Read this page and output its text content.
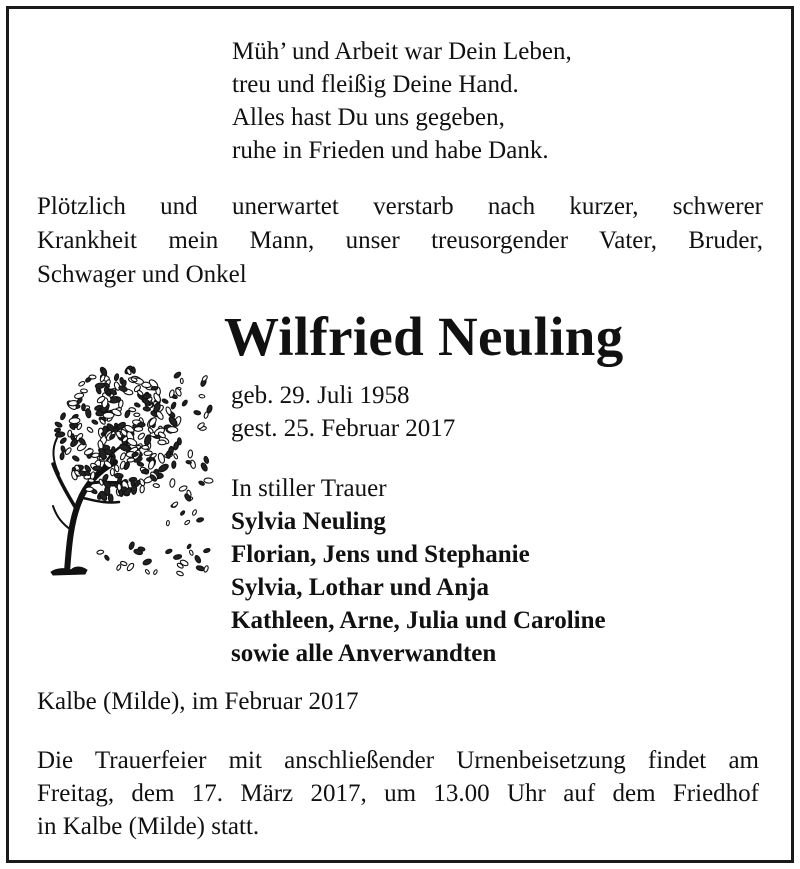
Müh’ und Arbeit war Dein Leben,
treu und fleißig Deine Hand.
Alles hast Du uns gegeben,
ruhe in Frieden und habe Dank.
Plötzlich und unerwartet verstarb nach kurzer, schwerer
Krankheit mein Mann, unser treusorgender Vater, Bruder,
Schwager und Onkel
Wilfried Neuling
geb. 29. Juli 1958
gest. 25. Februar 2017
In stiller Trauer
Sylvia Neuling
Florian, Jens und Stephanie
Sylvia, Lothar und Anja
Kathleen, Arne, Julia und Caroline
sowie alle Anverwandten
Kalbe (Milde), im Februar 2017
Die Trauerfeier mit anschließender Urnenbeisetzung findet am
Freitag, dem 17. März 2017, um 13.00 Uhr auf dem Friedhof
in Kalbe (Milde) statt.
